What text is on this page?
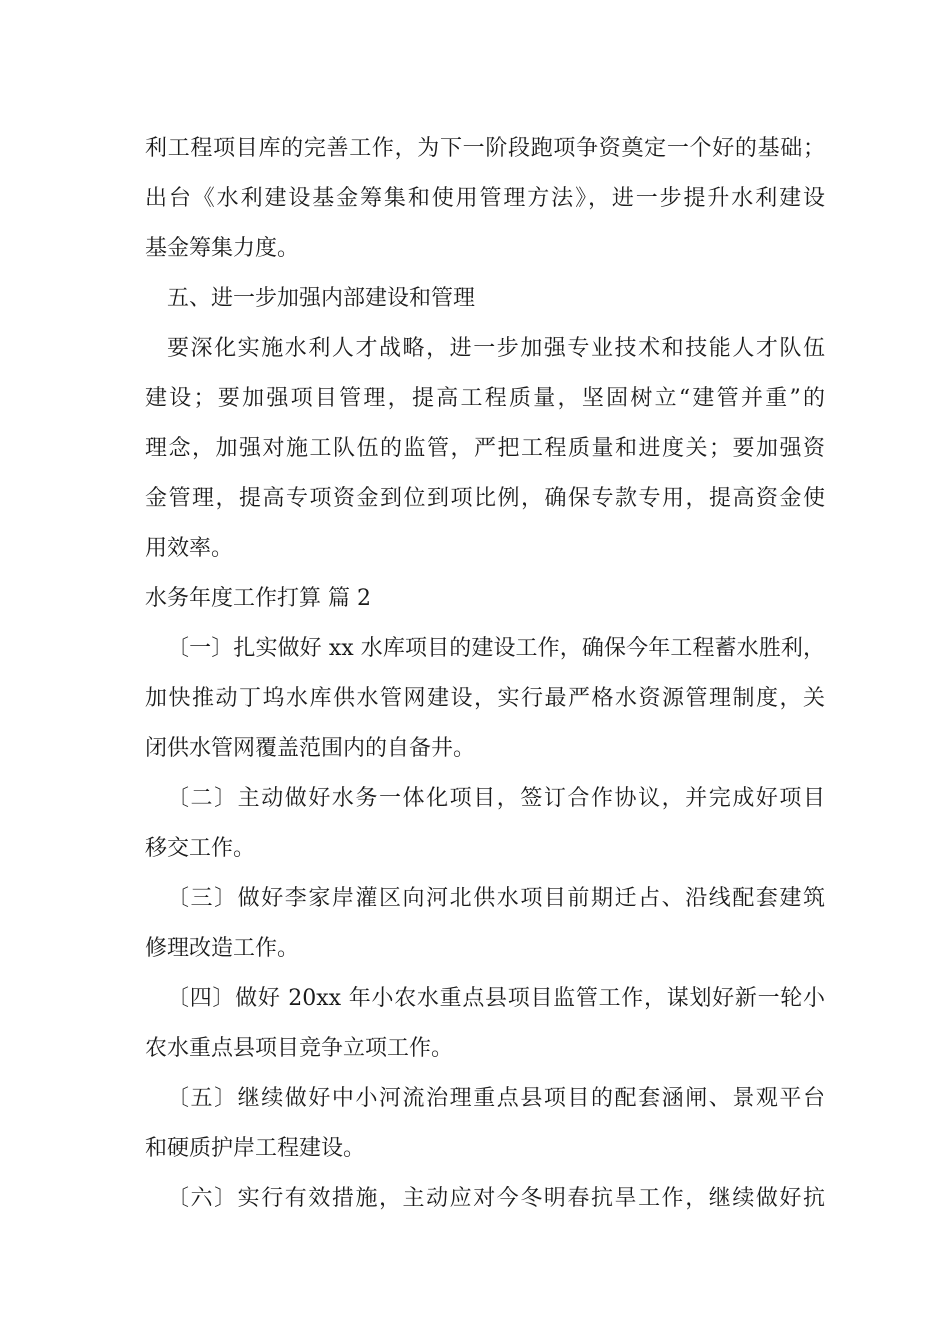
利工程项目库的完善工作，为下一阶段跑项争资奠定一个好的基础；
出台《水利建设基金筹集和使用管理方法》，进一步提升水利建设
基金筹集力度。
五、进一步加强内部建设和管理
要深化实施水利人才战略，进一步加强专业技术和技能人才队伍
建设；要加强项目管理，提高工程质量，坚固树立“建管并重”的
理念，加强对施工队伍的监管，严把工程质量和进度关；要加强资
金管理，提高专项资金到位到项比例，确保专款专用，提高资金使
用效率。
水务年度工作打算 篇 2
〔一〕扎实做好 xx 水库项目的建设工作，确保今年工程蓄水胜利，
加快推动丁坞水库供水管网建设，实行最严格水资源管理制度，关
闭供水管网覆盖范围内的自备井。
〔二〕主动做好水务一体化项目，签订合作协议，并完成好项目
移交工作。
〔三〕做好李家岸灌区向河北供水项目前期迁占、沿线配套建筑
修理改造工作。
〔四〕做好 20xx 年小农水重点县项目监管工作，谋划好新一轮小
农水重点县项目竞争立项工作。
〔五〕继续做好中小河流治理重点县项目的配套涵闸、景观平台
和硬质护岸工程建设。
〔六〕实行有效措施，主动应对今冬明春抗旱工作，继续做好抗
